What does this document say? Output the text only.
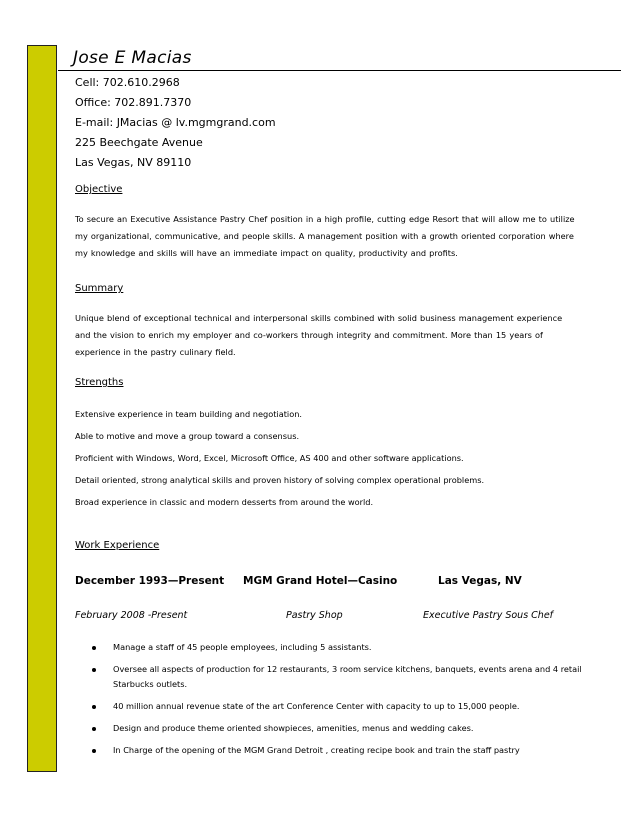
Jose E Macias
Cell: 702.610.2968
Office: 702.891.7370
E-mail: JMacias @ lv.mgmgrand.com
225 Beechgate Avenue
Las Vegas, NV 89110
Objective
To secure an Executive Assistance Pastry Chef position in a high profile, cutting edge Resort that will allow me to utilize my organizational, communicative, and people skills. A management position with a growth oriented corporation where my knowledge and skills will have an immediate impact on quality, productivity and profits.
Summary
Unique blend of exceptional technical and interpersonal skills combined with solid business management experience and the vision to enrich my employer and co-workers through integrity and commitment. More than 15 years of experience in the pastry culinary field.
Strengths
Extensive experience in team building and negotiation.
Able to motive and move a group toward a consensus.
Proficient with Windows, Word, Excel, Microsoft Office, AS 400 and other software applications.
Detail oriented, strong analytical skills and proven history of solving complex operational problems.
Broad experience in classic and modern desserts from around the world.
Work Experience
December 1993—Present MGM Grand Hotel—Casino	Las Vegas, NV
February 2008 -Present	Pastry Shop	Executive Pastry Sous Chef
Manage a staff of 45 people employees, including 5 assistants.
Oversee all aspects of production for 12 restaurants, 3 room service kitchens, banquets, events arena and 4 retail Starbucks outlets.
40 million annual revenue state of the art Conference Center with capacity to up to 15,000 people.
Design and produce theme oriented showpieces, amenities, menus and wedding cakes.
In Charge of the opening of the MGM Grand Detroit , creating recipe book and train the staff pastry
